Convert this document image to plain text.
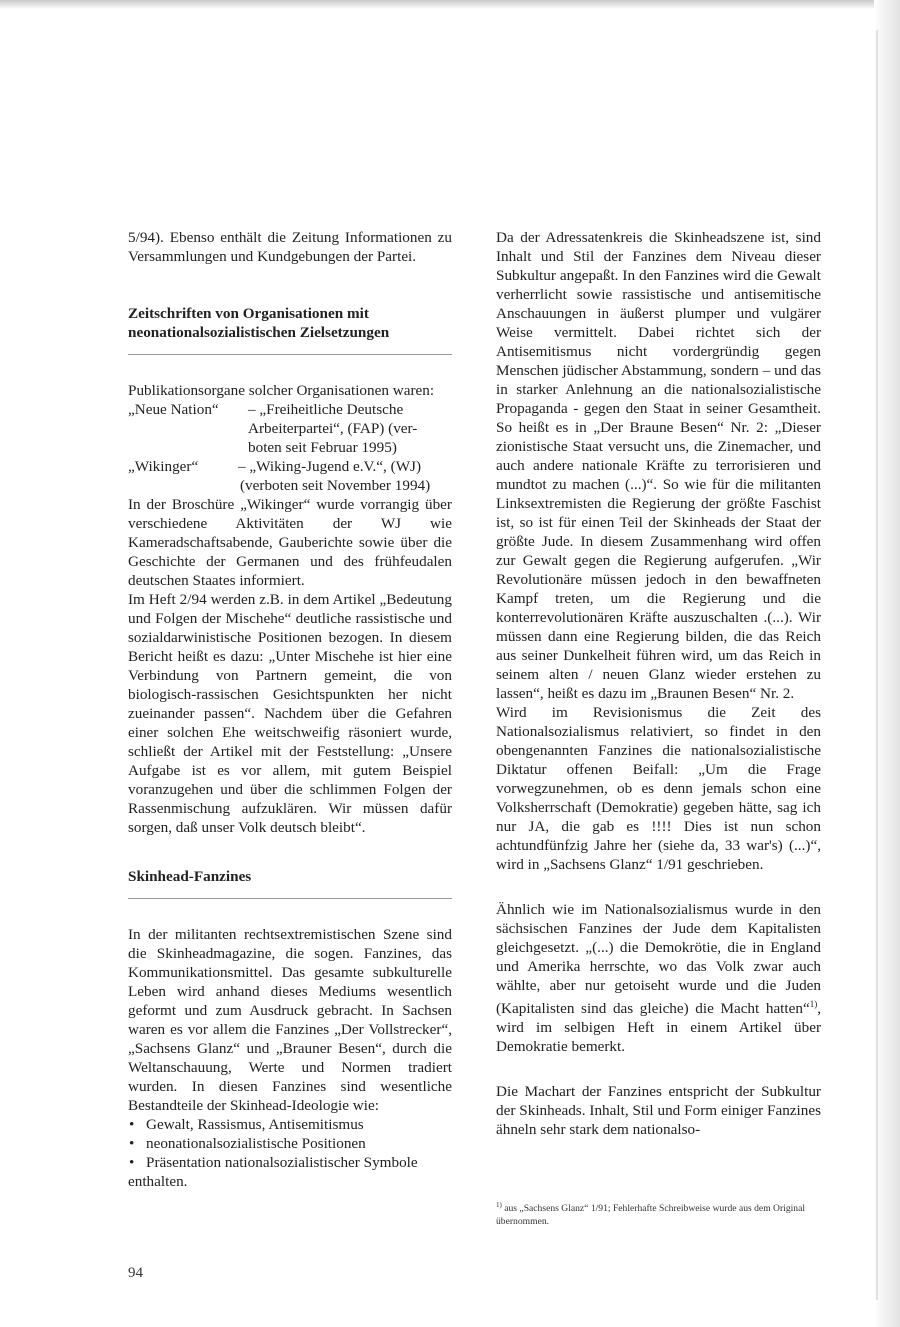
5/94). Ebenso enthält die Zeitung Informationen zu Versammlungen und Kundgebungen der Partei.

Zeitschriften von Organisationen mit
neonationalsozialistischen Zielsetzungen

Publikationsorgane solcher Organisationen waren:

„Neue Nation“	– „Freiheitliche Deutsche
Arbeiterpartei“, (FAP) (ver-
boten seit Februar 1995)
„Wikinger“	– „Wiking-Jugend e.V.“, (WJ)
(verboten seit November 1994)

In der Broschüre „Wikinger“ wurde vorrangig über verschiedene Aktivitäten der WJ wie Kameradschaftsabende, Gauberichte sowie über die Geschichte der Germanen und des frühfeudalen deutschen Staates informiert.

Im Heft 2/94 werden z.B. in dem Artikel „Bedeutung und Folgen der Mischehe“ deutliche rassistische und sozialdarwinistische Positionen bezogen. In diesem Bericht heißt es dazu: „Unter Mischehe ist hier eine Verbindung von Partnern gemeint, die von biologisch-rassischen Gesichtspunkten her nicht zueinander passen“. Nachdem über die Gefahren einer solchen Ehe weitschweifig räsoniert wurde, schließt der Artikel mit der Feststellung: „Unsere Aufgabe ist es vor allem, mit gutem Beispiel voranzugehen und über die schlimmen Folgen der Rassenmischung aufzuklären. Wir müssen dafür sorgen, daß unser Volk deutsch bleibt“.

Skinhead-Fanzines

In der militanten rechtsextremistischen Szene sind die Skinheadmagazine, die sogen. Fanzines, das Kommunikationsmittel. Das gesamte subkulturelle Leben wird anhand dieses Mediums wesentlich geformt und zum Ausdruck gebracht. In Sachsen waren es vor allem die Fanzines „Der Vollstrecker“, „Sachsens Glanz“ und „Brauner Besen“, durch die Weltanschauung, Werte und Normen tradiert wurden. In diesen Fanzines sind wesentliche Bestandteile der Skinhead-Ideologie wie:

• Gewalt, Rassismus, Antisemitismus
• neonationalsozialistische Positionen
• Präsentation nationalsozialistischer Symbole

enthalten.

Da der Adressatenkreis die Skinheadszene ist, sind Inhalt und Stil der Fanzines dem Niveau dieser Subkultur angepaßt. In den Fanzines wird die Gewalt verherrlicht sowie rassistische und antisemitische Anschauungen in äußerst plumper und vulgärer Weise vermittelt. Dabei richtet sich der Antisemitismus nicht vordergründig gegen Menschen jüdischer Abstammung, sondern – und das in starker Anlehnung an die nationalsozialistische Propaganda - gegen den Staat in seiner Gesamtheit. So heißt es in „Der Braune Besen“ Nr. 2: „Dieser zionistische Staat versucht uns, die Zinemacher, und auch andere nationale Kräfte zu terrorisieren und mundtot zu machen (...)“. So wie für die militanten Linksextremisten die Regierung der größte Faschist ist, so ist für einen Teil der Skinheads der Staat der größte Jude. In diesem Zusammenhang wird offen zur Gewalt gegen die Regierung aufgerufen. „Wir Revolutionäre müssen jedoch in den bewaffneten Kampf treten, um die Regierung und die konterrevolutionären Kräfte auszuschalten .(...). Wir müssen dann eine Regierung bilden, die das Reich aus seiner Dunkelheit führen wird, um das Reich in seinem alten / neuen Glanz wieder erstehen zu lassen“, heißt es dazu im „Braunen Besen“ Nr. 2.

Wird im Revisionismus die Zeit des Nationalsozialismus relativiert, so findet in den obengenannten Fanzines die nationalsozialistische Diktatur offenen Beifall: „Um die Frage vorwegzunehmen, ob es denn jemals schon eine Volksherrschaft (Demokratie) gegeben hätte, sag ich nur JA, die gab es !!!! Dies ist nun schon achtundfünfzig Jahre her (siehe da, 33 war's) (...)“, wird in „Sachsens Glanz“ 1/91 geschrieben.

Ähnlich wie im Nationalsozialismus wurde in den sächsischen Fanzines der Jude dem Kapitalisten gleichgesetzt. „(...) die Demokrötie, die in England und Amerika herrschte, wo das Volk zwar auch wählte, aber nur getoiseht wurde und die Juden (Kapitalisten sind das gleiche) die Macht hatten“$^{1)}$, wird im selbigen Heft in einem Artikel über Demokratie bemerkt.

Die Machart der Fanzines entspricht der Subkultur der Skinheads. Inhalt, Stil und Form einiger Fanzines ähneln sehr stark dem nationalso-

$^{1)}$ aus „Sachsens Glanz“ 1/91; Fehlerhafte Schreibweise wurde aus dem Original übernommen.
94
